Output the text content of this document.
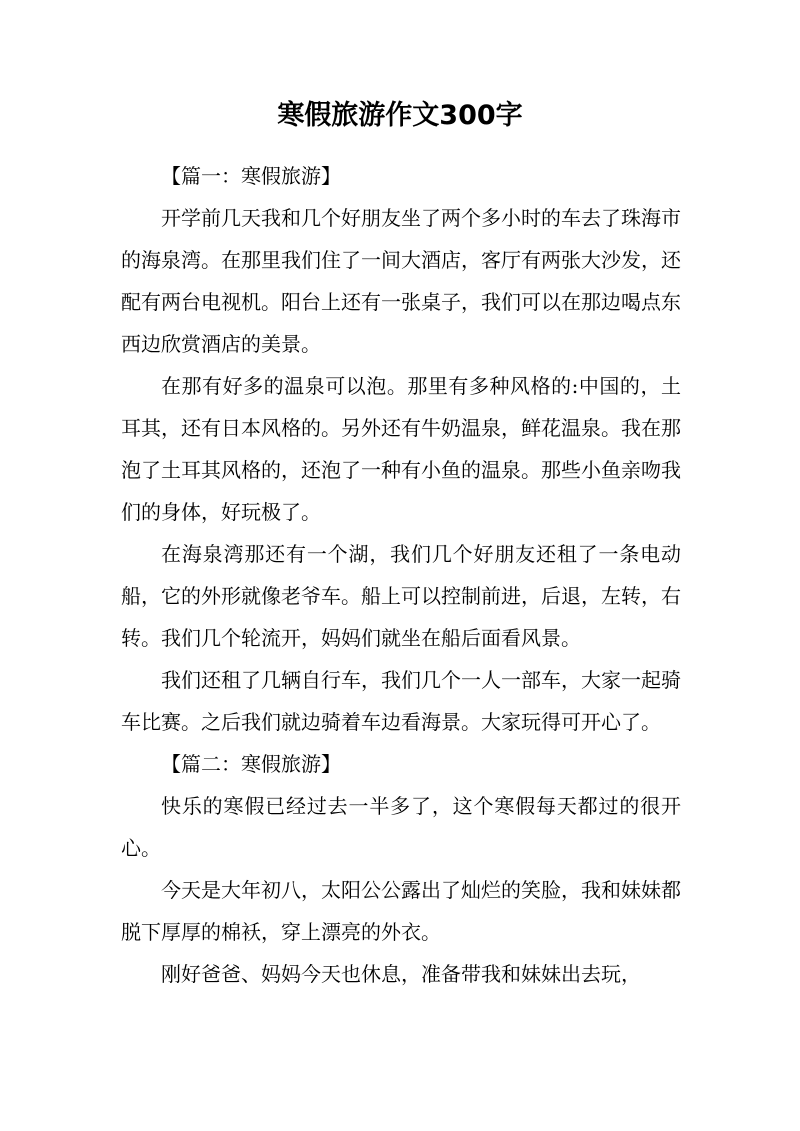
寒假旅游作文300字

【篇一：寒假旅游】

开学前几天我和几个好朋友坐了两个多小时的车去了珠海市的海泉湾。在那里我们住了一间大酒店，客厅有两张大沙发，还配有两台电视机。阳台上还有一张桌子，我们可以在那边喝点东西边欣赏酒店的美景。

在那有好多的温泉可以泡。那里有多种风格的:中国的，土耳其，还有日本风格的。另外还有牛奶温泉，鲜花温泉。我在那泡了土耳其风格的，还泡了一种有小鱼的温泉。那些小鱼亲吻我们的身体，好玩极了。

在海泉湾那还有一个湖，我们几个好朋友还租了一条电动船，它的外形就像老爷车。船上可以控制前进，后退，左转，右转。我们几个轮流开，妈妈们就坐在船后面看风景。

我们还租了几辆自行车，我们几个一人一部车，大家一起骑车比赛。之后我们就边骑着车边看海景。大家玩得可开心了。

【篇二：寒假旅游】

快乐的寒假已经过去一半多了，这个寒假每天都过的很开心。

今天是大年初八，太阳公公露出了灿烂的笑脸，我和妹妹都脱下厚厚的棉袄，穿上漂亮的外衣。

刚好爸爸、妈妈今天也休息，准备带我和妹妹出去玩，
